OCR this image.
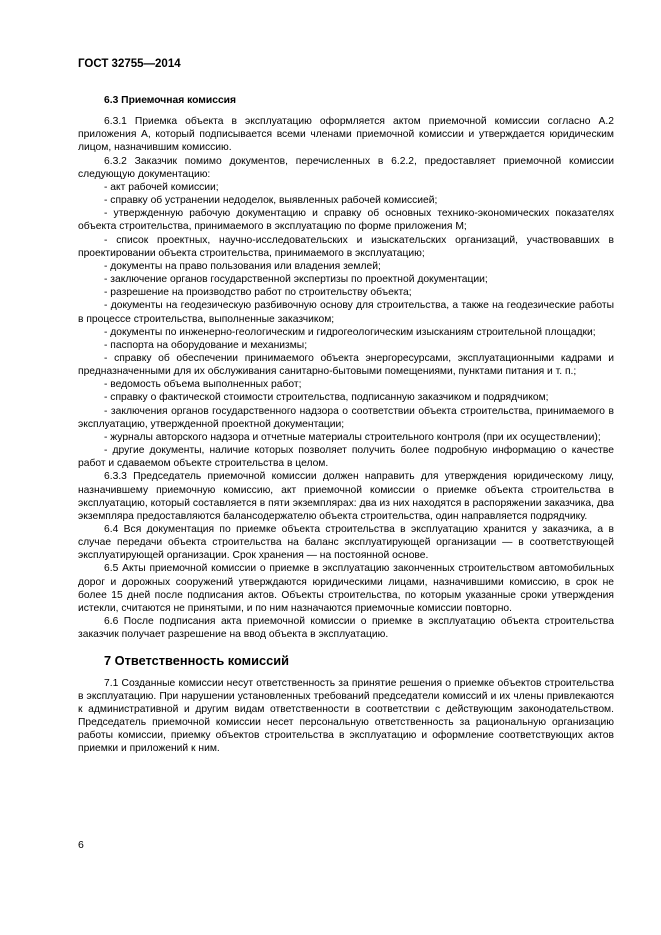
ГОСТ 32755—2014
6.3 Приемочная комиссия

6.3.1 Приемка объекта в эксплуатацию оформляется актом приемочной комиссии согласно А.2 приложения А, который подписывается всеми членами приемочной комиссии и утверждается юридическим лицом, назначившим комиссию.

6.3.2 Заказчик помимо документов, перечисленных в 6.2.2, предоставляет приемочной комиссии следующую документацию:

- акт рабочей комиссии;

- справку об устранении недоделок, выявленных рабочей комиссией;

- утвержденную рабочую документацию и справку об основных технико-экономических показателях объекта строительства, принимаемого в эксплуатацию по форме приложения М;

- список проектных, научно-исследовательских и изыскательских организаций, участвовавших в проектировании объекта строительства, принимаемого в эксплуатацию;

- документы на право пользования или владения землей;

- заключение органов государственной экспертизы по проектной документации;

- разрешение на производство работ по строительству объекта;

- документы на геодезическую разбивочную основу для строительства, а также на геодезические работы в процессе строительства, выполненные заказчиком;

- документы по инженерно-геологическим и гидрогеологическим изысканиям строительной площадки;

- паспорта на оборудование и механизмы;

- справку об обеспечении принимаемого объекта энергоресурсами, эксплуатационными кадрами и предназначенными для их обслуживания санитарно-бытовыми помещениями, пунктами питания и т. п.;

- ведомость объема выполненных работ;

- справку о фактической стоимости строительства, подписанную заказчиком и подрядчиком;

- заключения органов государственного надзора о соответствии объекта строительства, принимаемого в эксплуатацию, утвержденной проектной документации;

- журналы авторского надзора и отчетные материалы строительного контроля (при их осуществлении);

- другие документы, наличие которых позволяет получить более подробную информацию о качестве работ и сдаваемом объекте строительства в целом.

6.3.3 Председатель приемочной комиссии должен направить для утверждения юридическому лицу, назначившему приемочную комиссию, акт приемочной комиссии о приемке объекта строительства в эксплуатацию, который составляется в пяти экземплярах: два из них находятся в распоряжении заказчика, два экземпляра предоставляются балансодержателю объекта строительства, один направляется подрядчику.

6.4 Вся документация по приемке объекта строительства в эксплуатацию хранится у заказчика, а в случае передачи объекта строительства на баланс эксплуатирующей организации — в соответствующей эксплуатирующей организации. Срок хранения — на постоянной основе.

6.5 Акты приемочной комиссии о приемке в эксплуатацию законченных строительством автомобильных дорог и дорожных сооружений утверждаются юридическими лицами, назначившими комиссию, в срок не более 15 дней после подписания актов. Объекты строительства, по которым указанные сроки утверждения истекли, считаются не принятыми, и по ним назначаются приемочные комиссии повторно.

6.6 После подписания акта приемочной комиссии о приемке в эксплуатацию объекта строительства заказчик получает разрешение на ввод объекта в эксплуатацию.

7 Ответственность комиссий

7.1 Созданные комиссии несут ответственность за принятие решения о приемке объектов строительства в эксплуатацию. При нарушении установленных требований председатели комиссий и их члены привлекаются к административной и другим видам ответственности в соответствии с действующим законодательством. Председатель приемочной комиссии несет персональную ответственность за рациональную организацию работы комиссии, приемку объектов строительства в эксплуатацию и оформление соответствующих актов приемки и приложений к ним.

6
